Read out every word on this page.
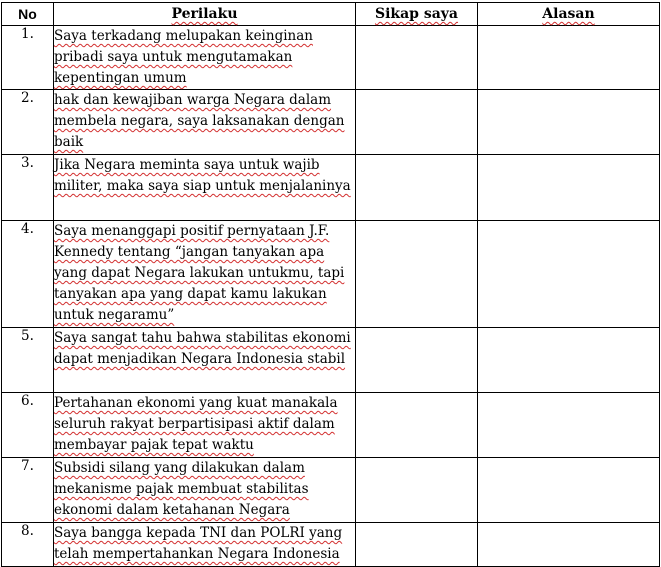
No	Perilaku	Sikap saya	Alasan
1.	Saya terkadang melupakan keinginan pribadi saya untuk mengutamakan kepentingan umum		
2.	hak dan kewajiban warga Negara dalam membela negara, saya laksanakan dengan baik		
3.	Jika Negara meminta saya untuk wajib militer, maka saya siap untuk menjalaninya		
4.	Saya menanggapi positif pernyataan J.F. Kennedy tentang “jangan tanyakan apa yang dapat Negara lakukan untukmu, tapi tanyakan apa yang dapat kamu lakukan untuk negaramu”		
5.	Saya sangat tahu bahwa stabilitas ekonomi dapat menjadikan Negara Indonesia stabil		
6.	Pertahanan ekonomi yang kuat manakala seluruh rakyat berpartisipasi aktif dalam membayar pajak tepat waktu		
7.	Subsidi silang yang dilakukan dalam mekanisme pajak membuat stabilitas ekonomi dalam ketahanan Negara		
8.	Saya bangga kepada TNI dan POLRI yang telah mempertahankan Negara Indonesia		
